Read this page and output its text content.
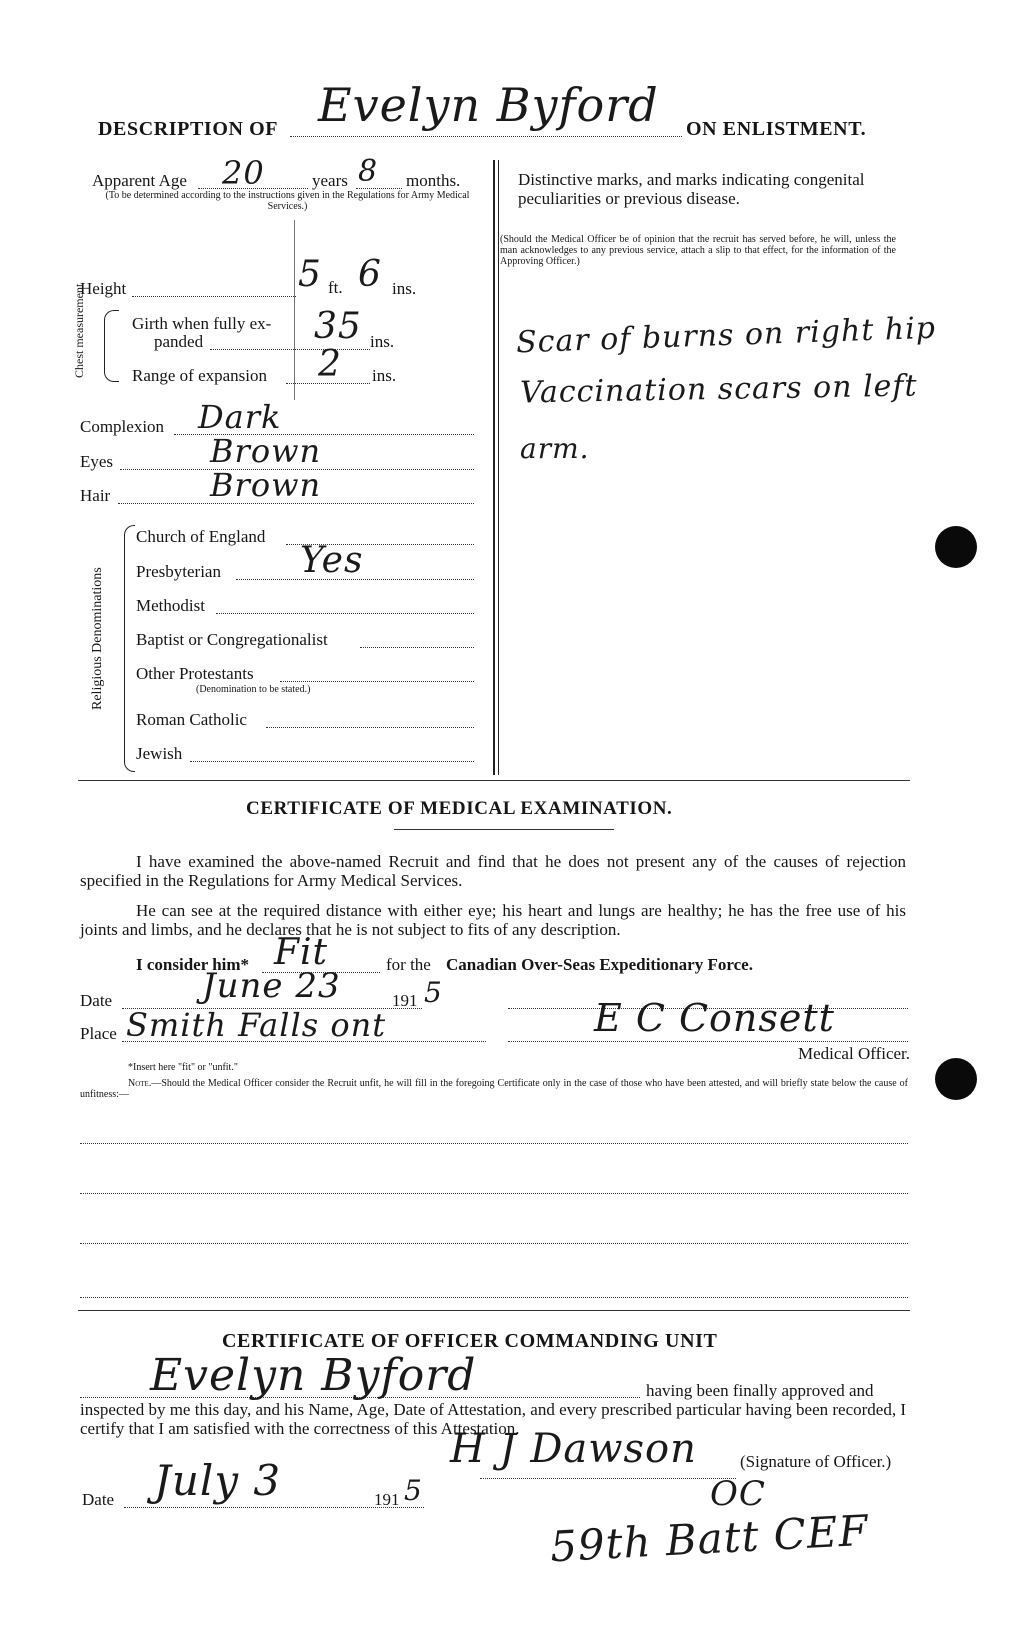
DESCRIPTION OF Evelyn Byford ON ENLISTMENT.
Apparent Age 20	years 8 months.
(To be determined according to the instructions given in the Regulations for Army Medical Services.)
Height	5 ft. 6 ins.
Chest measurement	Girth when fully ex-
panded	35 ins.
Range of expansion 2 ins.
Complexion Dark
Eyes	Brown
Hair	Brown
Religious Denominations
Church of England
Presbyterian Yes
Methodist
Baptist or Congregationalist
Other Protestants
(Denomination to be stated.)
Roman Catholic
Jewish
Distinctive marks, and marks indicating congenital peculiarities or previous disease.
(Should the Medical Officer be of opinion that the recruit has served before, he will, unless the man acknowledges to any previous service, attach a slip to that effect, for the information of the Approving Officer.)
Scar of burns on right hip
Vaccination scars on left
arm.
CERTIFICATE OF MEDICAL EXAMINATION.
I have examined the above-named Recruit and find that he does not present any of the causes of rejection specified in the Regulations for Army Medical Services.
He can see at the required distance with either eye; his heart and lungs are healthy; he has the free use of his joints and limbs, and he declares that he is not subject to fits of any description.
I consider him* Fit	for the Canadian Over-Seas Expeditionary Force.
Date	June 23	191 5
Place Smith Falls ont	E C Consett
Medical Officer.
*Insert here "fit" or "unfit."
Note.—Should the Medical Officer consider the Recruit unfit, he will fill in the foregoing Certificate only in the case of those who have been attested, and will briefly state below the cause of unfitness:—
CERTIFICATE OF OFFICER COMMANDING UNIT
Evelyn Byford	having been finally approved and
inspected by me this day, and his Name, Age, Date of Attestation, and every prescribed particular having been recorded, I certify that I am satisfied with the correctness of this Attestation.
H J Dawson	(Signature of Officer.)
OC
59th Batt CEF
Date July 3	191 5
